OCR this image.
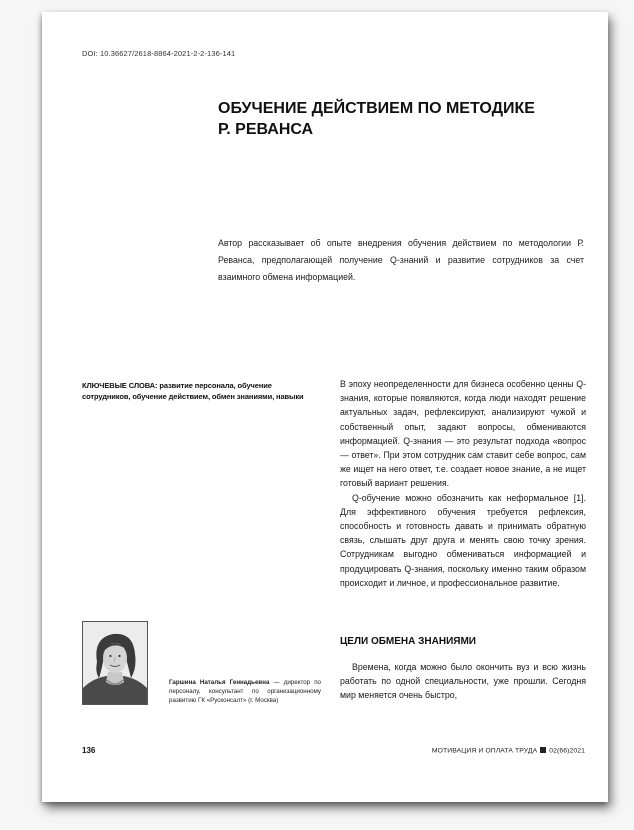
DOI: 10.36627/2618-8864-2021-2-2-136-141
ОБУЧЕНИЕ ДЕЙСТВИЕМ ПО МЕТОДИКЕ
Р. РЕВАНСА

Автор рассказывает об опыте внедрения обучения действием по методологии Р. Реванса, предполагающей получение Q-знаний и развитие сотрудников за счет взаимного обмена информацией.

КЛЮЧЕВЫЕ СЛОВА: развитие персонала, обучение сотрудников, обучение действием, обмен знаниями, навыки

В эпоху неопределенности для бизнеса особенно ценны Q-знания, которые появляются, когда люди находят решение актуальных задач, рефлексируют, анализируют чужой и собственный опыт, задают вопросы, обмениваются информацией. Q-знания — это результат подхода «вопрос — ответ». При этом сотрудник сам ставит себе вопрос, сам же ищет на него ответ, т.е. создает новое знание, а не ищет готовый вариант решения.

Q-обучение можно обозначить как неформальное [1]. Для эффективного обучения требуется рефлексия, способность и готовность давать и принимать обратную связь, слышать друг друга и менять свою точку зрения. Сотрудникам выгодно обмениваться информацией и продуцировать Q-знания, поскольку именно таким образом происходит и личное, и профессиональное развитие.

ЦЕЛИ ОБМЕНА ЗНАНИЯМИ

Времена, когда можно было окончить вуз и всю жизнь работать по одной специальности, уже прошли. Сегодня мир меняется очень быстро,

Гаршина Наталья Геннадьевна — директор по персоналу, консультант по организационному развитию ГК «Русконсалт» (г. Москва)

136	МОТИВАЦИЯ И ОПЛАТА ТРУДА 02(66)2021
